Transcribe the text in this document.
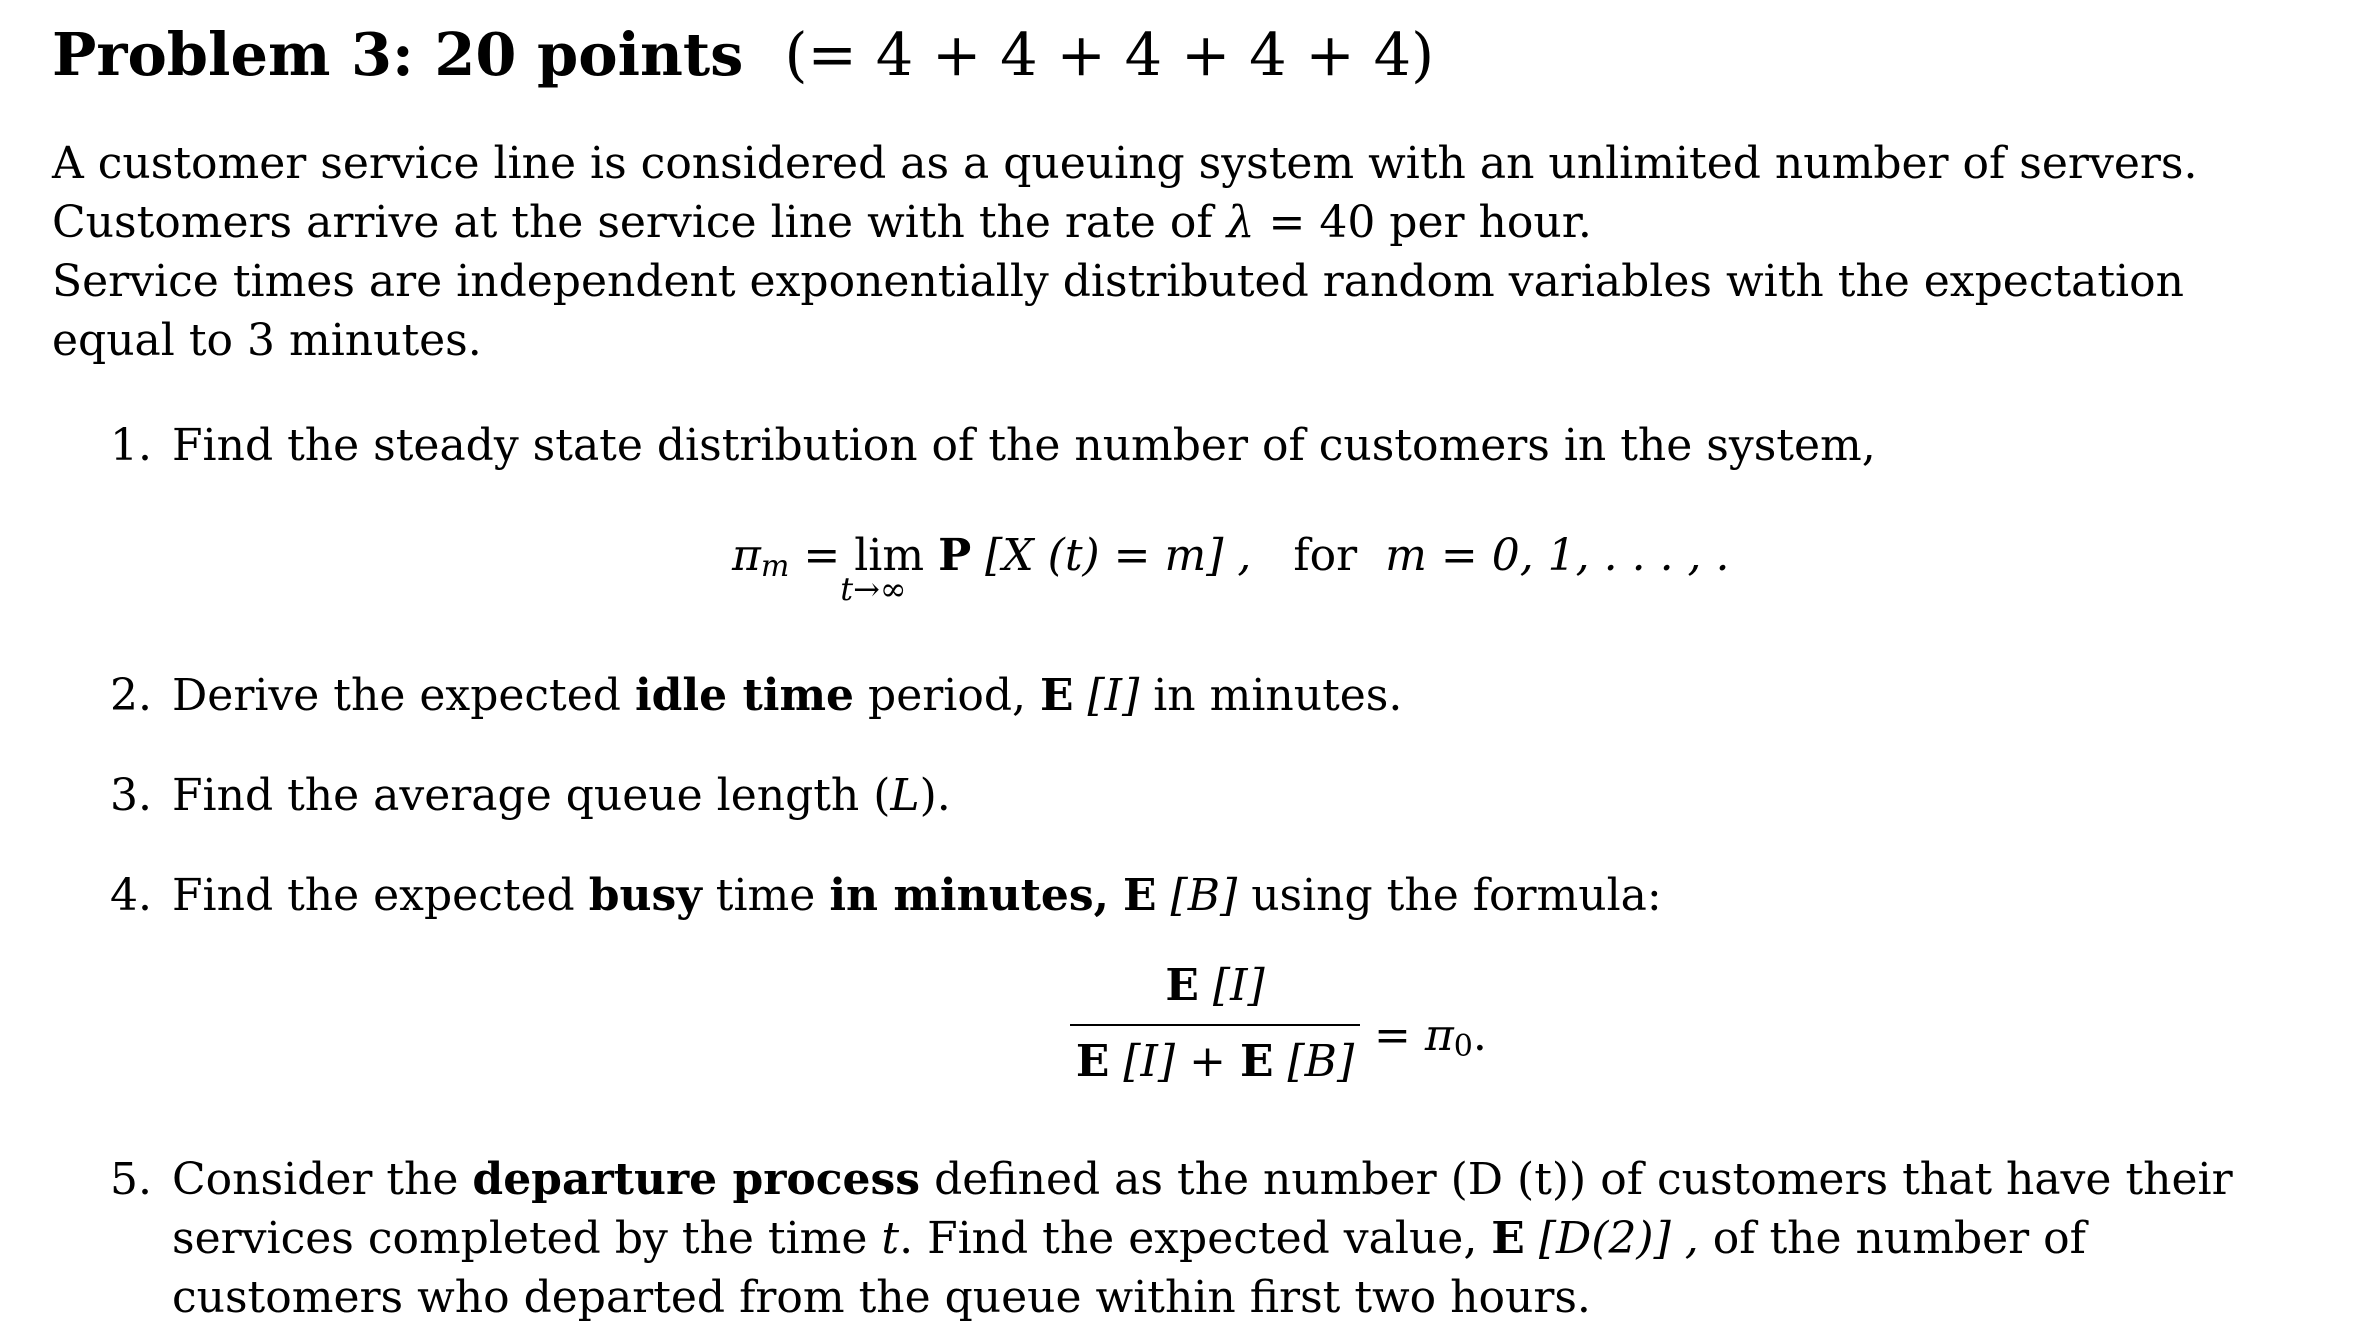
Problem 3: 20 points (= 4 + 4 + 4 + 4 + 4)

A customer service line is considered as a queuing system with an unlimited number of servers.

Customers arrive at the service line with the rate of λ = 40 per hour.

Service times are independent exponentially distributed random variables with the expectation equal to 3 minutes.

1. Find the steady state distribution of the number of customers in the system,
$\pi_m = \lim$
t→∞
P [X (t) = m] , for m = 0, 1, . . . , .
2. Derive the expected idle time period, E [I] in minutes.
3. Find the average queue length (L).
4. Find the expected busy time in minutes, E [B] using the formula:
E [I]
E [I] + E [B]
= $\pi_0$.
5. Consider the departure process defined as the number (D (t)) of customers that have their services completed by the time t. Find the expected value, E [D(2)] , of the number of customers who departed from the queue within first two hours.
